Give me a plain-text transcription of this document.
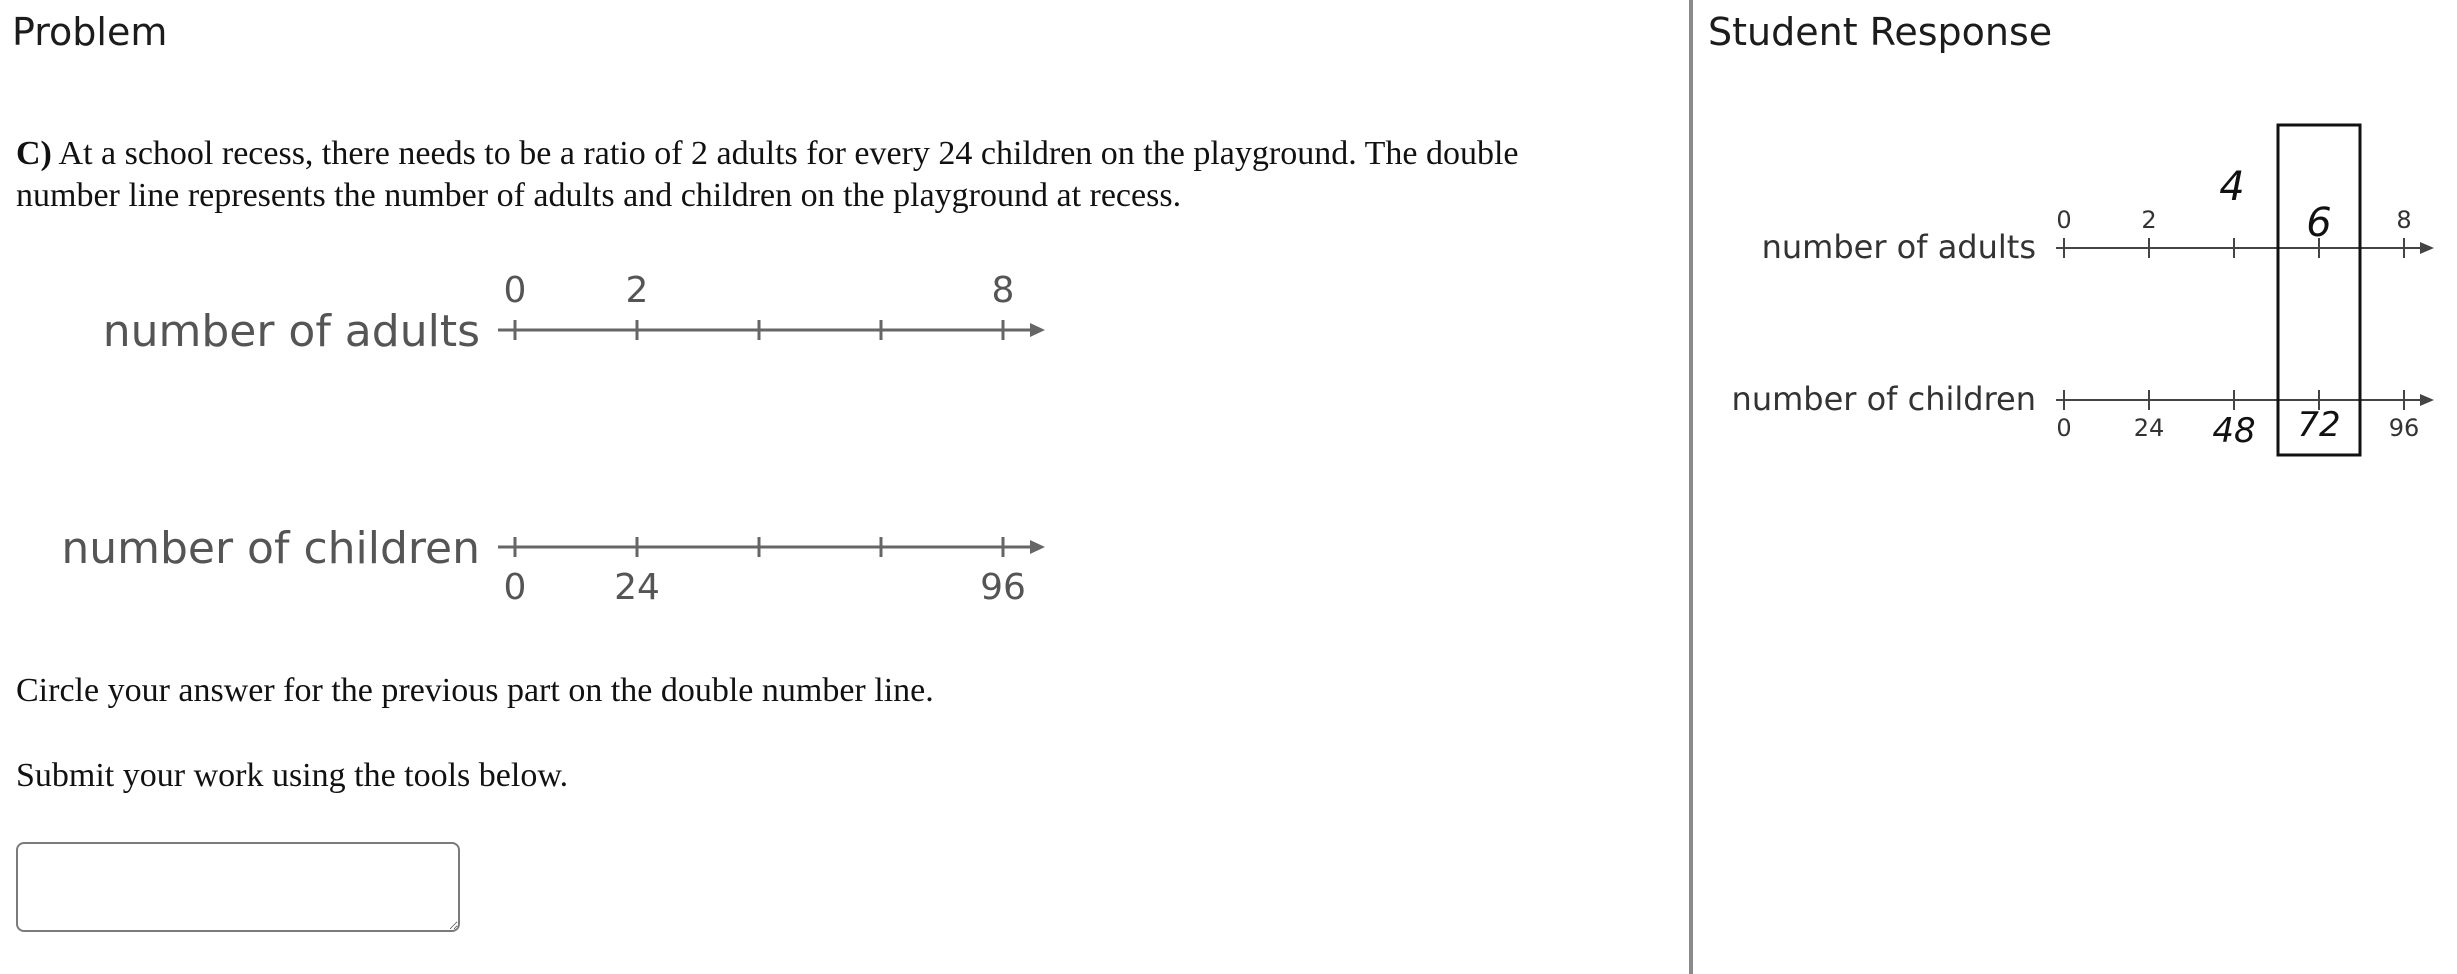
Problem
C) At a school recess, there needs to be a ratio of 2 adults for every 24 children on the playground. The double number line represents the number of adults and children on the playground at recess.
number of adults
number of children
0	2	8
0 24	96
Circle your answer for the previous part on the double number line.
Submit your work using the tools below.
Student Response
number of adults
number of children
0	2	8
0	24	96
4
6
48 72
